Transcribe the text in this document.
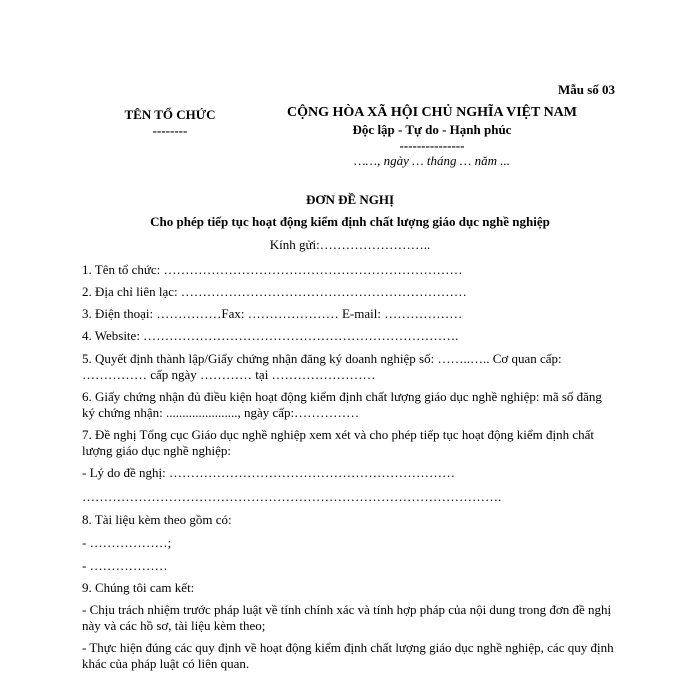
Mẫu số 03
TÊN TỔ CHỨC
--------
CỘNG HÒA XÃ HỘI CHỦ NGHĨA VIỆT NAM
Độc lập - Tự do - Hạnh phúc
---------------
……, ngày … tháng … năm ...
ĐƠN ĐỀ NGHỊ
Cho phép tiếp tục hoạt động kiểm định chất lượng giáo dục nghề nghiệp
Kính gửi:……………………..
1. Tên tổ chức: ……………………………………………………………
2. Địa chỉ liên lạc: …………………………………………………………
3. Điện thoại: ……………Fax: ………………… E-mail: ………………
4. Website: ……………………………………………………………….
5. Quyết định thành lập/Giấy chứng nhận đăng ký doanh nghiệp số: ……..….. Cơ quan cấp:
…………… cấp ngày ………… tại ……………………
6. Giấy chứng nhận đủ điều kiện hoạt động kiểm định chất lượng giáo dục nghề nghiệp: mã số đăng ký chứng nhận: ......................, ngày cấp:……………
7. Đề nghị Tổng cục Giáo dục nghề nghiệp xem xét và cho phép tiếp tục hoạt động kiểm định chất lượng giáo dục nghề nghiệp:
- Lý do đề nghị: …………………………………………………………
…………………………………………………………………………………….
8. Tài liệu kèm theo gồm có:
- ………………;
- ………………
9. Chúng tôi cam kết:
- Chịu trách nhiệm trước pháp luật về tính chính xác và tính hợp pháp của nội dung trong đơn đề nghị này và các hồ sơ, tài liệu kèm theo;
- Thực hiện đúng các quy định về hoạt động kiểm định chất lượng giáo dục nghề nghiệp, các quy định khác của pháp luật có liên quan.
